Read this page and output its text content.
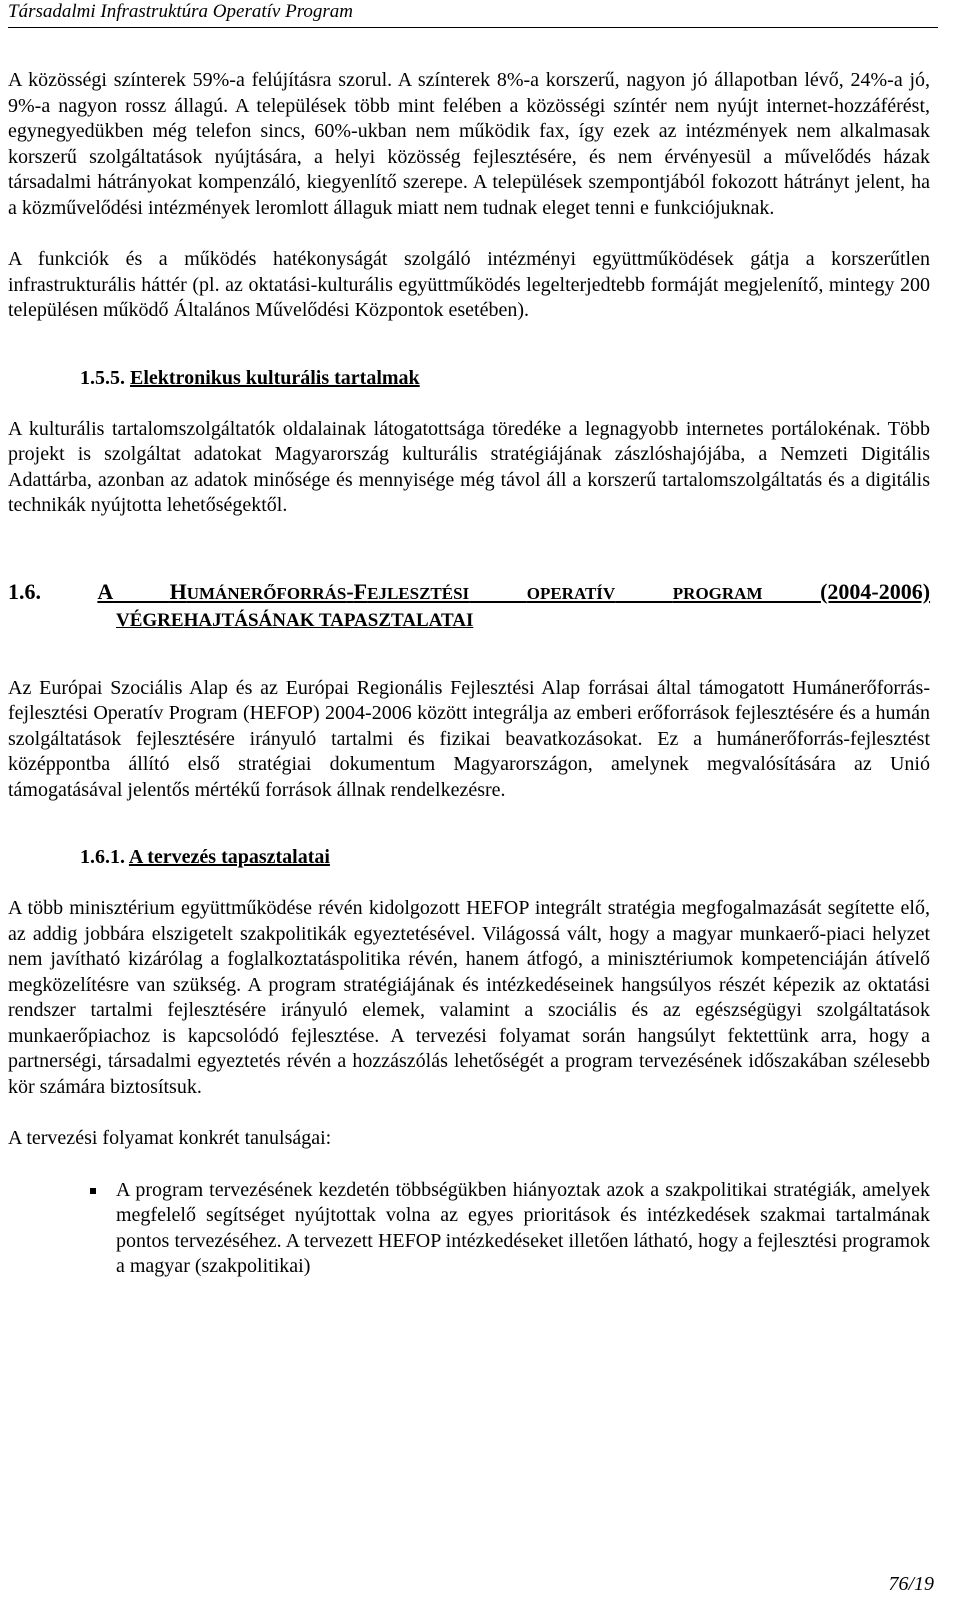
Társadalmi Infrastruktúra Operatív Program

A közösségi színterek 59%-a felújításra szorul. A színterek 8%-a korszerű, nagyon jó állapotban lévő, 24%-a jó, 9%-a nagyon rossz állagú. A települések több mint felében a közösségi színtér nem nyújt internet-hozzáférést, egynegyedükben még telefon sincs, 60%-ukban nem működik fax, így ezek az intézmények nem alkalmasak korszerű szolgáltatások nyújtására, a helyi közösség fejlesztésére, és nem érvényesül a művelődés házak társadalmi hátrányokat kompenzáló, kiegyenlítő szerepe. A települések szempontjából fokozott hátrányt jelent, ha a közművelődési intézmények leromlott állaguk miatt nem tudnak eleget tenni e funkciójuknak.

A funkciók és a működés hatékonyságát szolgáló intézményi együttműködések gátja a korszerűtlen infrastrukturális háttér (pl. az oktatási-kulturális együttműködés legelterjedtebb formáját megjelenítő, mintegy 200 településen működő Általános Művelődési Központok esetében).

1.5.5. Elektronikus kulturális tartalmak

A kulturális tartalomszolgáltatók oldalainak látogatottsága töredéke a legnagyobb internetes portálokénak. Több projekt is szolgáltat adatokat Magyarország kulturális stratégiájának zászlóshajójába, a Nemzeti Digitális Adattárba, azonban az adatok minősége és mennyisége még távol áll a korszerű tartalomszolgáltatás és a digitális technikák nyújtotta lehetőségektől.

1.6.	A	HUMÁNERŐFORRÁS-FEJLESZTÉSI	OPERATÍV	PROGRAM	(2004-2006)

VÉGREHAJTÁSÁNAK TAPASZTALATAI

Az Európai Szociális Alap és az Európai Regionális Fejlesztési Alap forrásai által támogatott Humánerőforrás-fejlesztési Operatív Program (HEFOP) 2004-2006 között integrálja az emberi erőforrások fejlesztésére és a humán szolgáltatások fejlesztésére irányuló tartalmi és fizikai beavatkozásokat. Ez a humánerőforrás-fejlesztést középpontba állító első stratégiai dokumentum Magyarországon, amelynek megvalósítására az Unió támogatásával jelentős mértékű források állnak rendelkezésre.

1.6.1. A tervezés tapasztalatai

A több minisztérium együttműködése révén kidolgozott HEFOP integrált stratégia megfogalmazását segítette elő, az addig jobbára elszigetelt szakpolitikák egyeztetésével. Világossá vált, hogy a magyar munkaerő-piaci helyzet nem javítható kizárólag a foglalkoztatáspolitika révén, hanem átfogó, a minisztériumok kompetenciáján átívelő megközelítésre van szükség. A program stratégiájának és intézkedéseinek hangsúlyos részét képezik az oktatási rendszer tartalmi fejlesztésére irányuló elemek, valamint a szociális és az egészségügyi szolgáltatások munkaerőpiachoz is kapcsolódó fejlesztése. A tervezési folyamat során hangsúlyt fektettünk arra, hogy a partnerségi, társadalmi egyeztetés révén a hozzászólás lehetőségét a program tervezésének időszakában szélesebb kör számára biztosítsuk.

A tervezési folyamat konkrét tanulságai:

A program tervezésének kezdetén többségükben hiányoztak azok a szakpolitikai stratégiák, amelyek megfelelő segítséget nyújtottak volna az egyes prioritások és intézkedések szakmai tartalmának pontos tervezéséhez. A tervezett HEFOP intézkedéseket illetően látható, hogy a fejlesztési programok a magyar (szakpolitikai)
76/19
